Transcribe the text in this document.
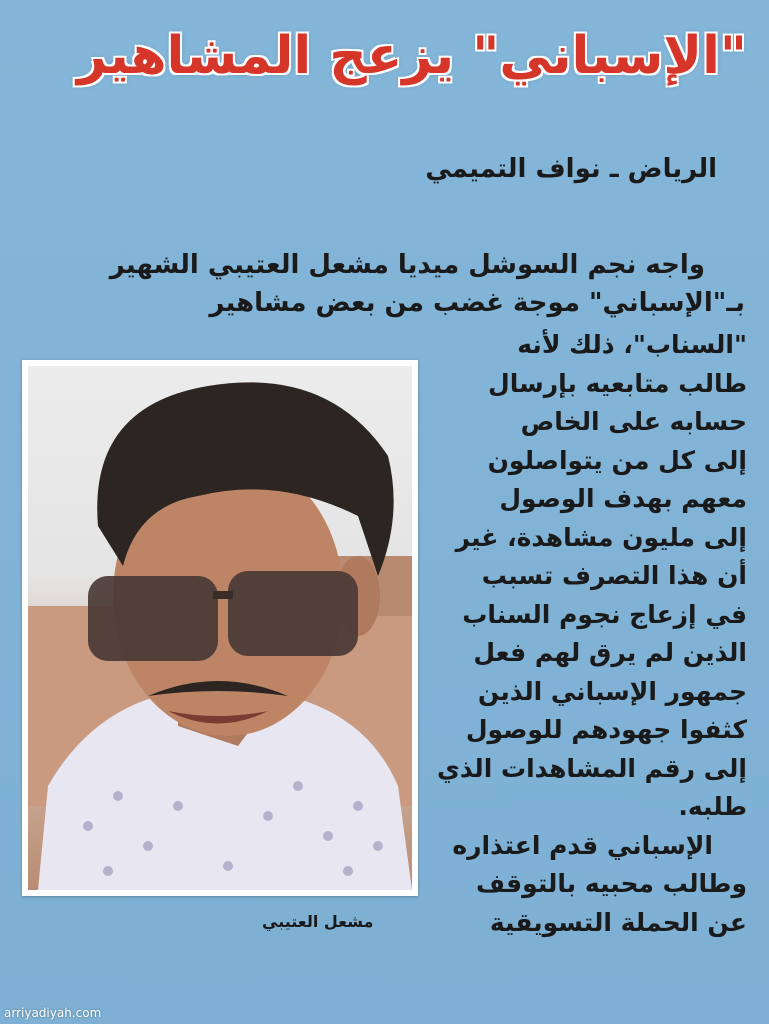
"الإسباني" يزعج المشاهير
الرياض ـ نواف التميمي
واجه نجم السوشل ميديا مشعل العتيبي الشهير
بـ"الإسباني" موجة غضب من بعض مشاهير
"السناب"، ذلك لأنه
طالب متابعيه بإرسال
حسابه على الخاص
إلى كل من يتواصلون
معهم بهدف الوصول
إلى مليون مشاهدة، غير
أن هذا التصرف تسبب
في إزعاج نجوم السناب
الذين لم يرق لهم فعل
جمهور الإسباني الذين
كثفوا جهودهم للوصول
إلى رقم المشاهدات الذي
طلبه.
الإسباني قدم اعتذاره
وطالب محبيه بالتوقف
عن الحملة التسويقية
مشعل العتيبي
arriyadiyah.com
